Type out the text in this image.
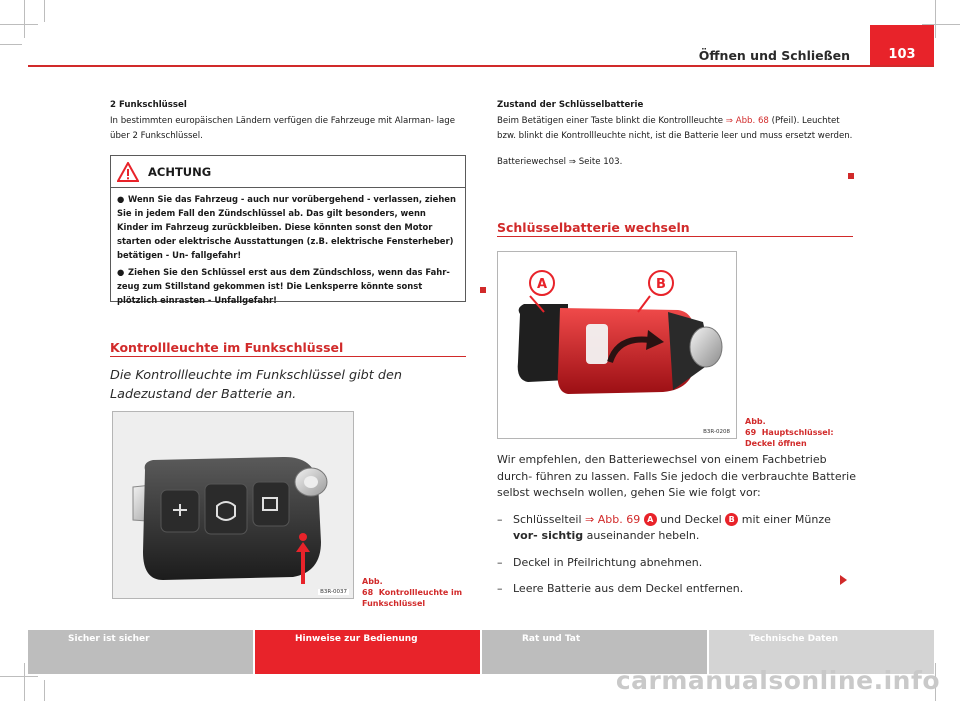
Öffnen und Schließen	103
2 Funkschlüssel
In bestimmten europäischen Ländern verfügen die Fahrzeuge mit Alarman- lage über 2 Funkschlüssel.
ACHTUNG

● Wenn Sie das Fahrzeug - auch nur vorübergehend - verlassen, ziehen Sie in jedem Fall den Zündschlüssel ab. Das gilt besonders, wenn Kinder im Fahrzeug zurückbleiben. Diese könnten sonst den Motor starten oder elektrische Ausstattungen (z.B. elektrische Fensterheber) betätigen - Un- fallgefahr!

● Ziehen Sie den Schlüssel erst aus dem Zündschloss, wenn das Fahr- zeug zum Stillstand gekommen ist! Die Lenksperre könnte sonst plötzlich einrasten - Unfallgefahr!

Kontrollleuchte im Funkschlüssel
Die Kontrollleuchte im Funkschlüssel gibt den Ladezustand der Batterie an.
B3R-0037
Abb. 68 Kontrollleuchte im Funkschlüssel
Zustand der Schlüsselbatterie
Beim Betätigen einer Taste blinkt die Kontrollleuchte ⇒ Abb. 68 (Pfeil). Leuchtet bzw. blinkt die Kontrollleuchte nicht, ist die Batterie leer und muss ersetzt werden.
Batteriewechsel ⇒ Seite 103.
Schlüsselbatterie wechseln
A	B
B3R-0208
Abb. 69 Hauptschlüssel: Deckel öffnen
Wir empfehlen, den Batteriewechsel von einem Fachbetrieb durch- führen zu lassen. Falls Sie jedoch die verbrauchte Batterie selbst wechseln wollen, gehen Sie wie folgt vor:
– Schlüsselteil ⇒ Abb. 69 A und Deckel B mit einer Münze vor- sichtig auseinander hebeln.
– Deckel in Pfeilrichtung abnehmen.
– Leere Batterie aus dem Deckel entfernen.
Sicher ist sicher	Hinweise zur Bedienung	Rat und Tat	Technische Daten
carmanualsonline.info
